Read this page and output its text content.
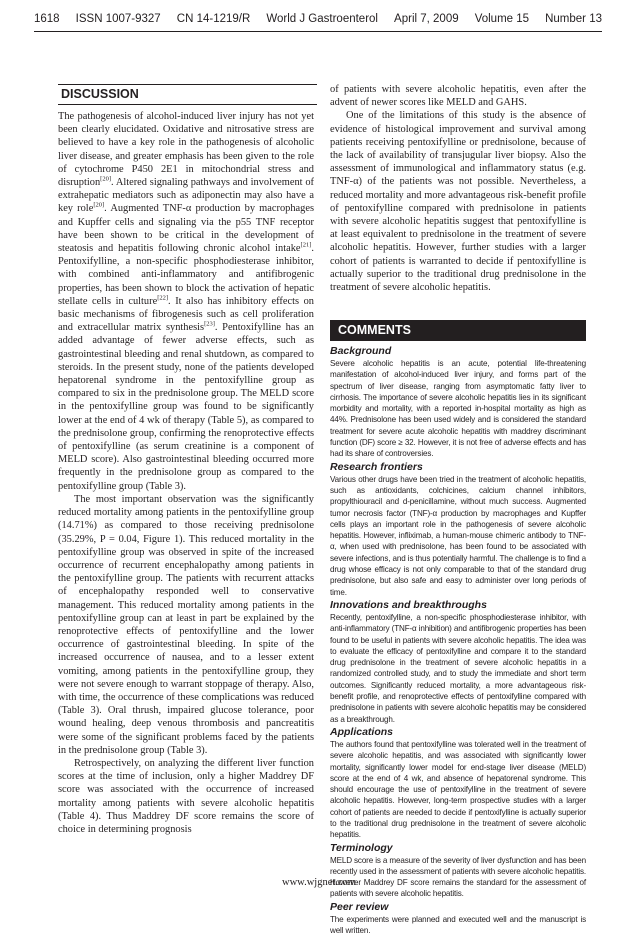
1618 ISSN 1007-9327 CN 14-1219/R World J Gastroenterol April 7, 2009 Volume 15 Number 13
DISCUSSION

The pathogenesis of alcohol-induced liver injury has not yet been clearly elucidated. Oxidative and nitrosative stress are believed to have a key role in the pathogenesis of alcoholic liver disease, and greater emphasis has been given to the role of cytochrome P450 2E1 in mitochondrial stress and disruption[20]. Altered signaling pathways and involvement of extrahepatic mediators such as adiponectin may also have a key role[20]. Augmented TNF-α production by macrophages and Kupffer cells and signaling via the p55 TNF receptor have been shown to be critical in the development of steatosis and hepatitis following chronic alcohol intake[21]. Pentoxifylline, a non-specific phosphodiesterase inhibitor, with combined anti-inflammatory and antifibrogenic properties, has been shown to block the activation of hepatic stellate cells in culture[22]. It also has inhibitory effects on basic mechanisms of fibrogenesis such as cell proliferation and extracellular matrix synthesis[23]. Pentoxifylline has an added advantage of fewer adverse effects, such as gastrointestinal bleeding and renal shutdown, as compared to steroids. In the present study, none of the patients developed hepatorenal syndrome in the pentoxifylline group as compared to six in the prednisolone group. The MELD score in the pentoxifylline group was found to be significantly lower at the end of 4 wk of therapy (Table 5), as compared to the prednisolone group, confirming the renoprotective effects of pentoxifylline (as serum creatinine is a component of MELD score). Also gastrointestinal bleeding occurred more frequently in the prednisolone group as compared to the pentoxifylline group (Table 3).

The most important observation was the significantly reduced mortality among patients in the pentoxifylline group (14.71%) as compared to those receiving prednisolone (35.29%, P = 0.04, Figure 1). This reduced mortality in the pentoxifylline group was observed in spite of the increased occurrence of recurrent encephalopathy among patients in the pentoxifylline group. The patients with recurrent attacks of encephalopathy responded well to conservative management. This reduced mortality among patients in the pentoxifylline group can at least in part be explained by the renoprotective effects of pentoxifylline and the lower occurrence of gastrointestinal bleeding. In spite of the increased occurrence of nausea, and to a lesser extent vomiting, among patients in the pentoxifylline group, they were not severe enough to warrant stoppage of therapy. Also, with time, the occurrence of these complications was reduced (Table 3). Oral thrush, impaired glucose tolerance, poor wound healing, deep venous thrombosis and pancreatitis were some of the significant problems faced by the patients in the prednisolone group (Table 3).

Retrospectively, on analyzing the different liver function scores at the time of inclusion, only a higher Maddrey DF score was associated with the occurrence of increased mortality among patients with severe alcoholic hepatitis (Table 4). Thus Maddrey DF score remains the score of choice in determining prognosis

of patients with severe alcoholic hepatitis, even after the advent of newer scores like MELD and GAHS.

One of the limitations of this study is the absence of evidence of histological improvement and survival among patients receiving pentoxifylline or prednisolone, because of the lack of availability of transjugular liver biopsy. Also the assessment of immunological and inflammatory status (e.g. TNF-α) of the patients was not possible. Nevertheless, a reduced mortality and more advantageous risk-benefit profile of pentoxifylline compared with prednisolone in patients with severe alcoholic hepatitis suggest that pentoxifylline is at least equivalent to prednisolone in the treatment of severe alcoholic hepatitis. However, further studies with a larger cohort of patients is warranted to decide if pentoxifylline is actually superior to the traditional drug prednisolone in the treatment of severe alcoholic hepatitis.

COMMENTS

Background

Severe alcoholic hepatitis is an acute, potential life-threatening manifestation of alcohol-induced liver injury, and forms part of the spectrum of liver disease, ranging from asymptomatic fatty liver to cirrhosis. The importance of severe alcoholic hepatitis lies in its significant morbidity and mortality, with a reported in-hospital mortality as high as 44%. Prednisolone has been used widely and is considered the standard treatment for severe acute alcoholic hepatitis with maddrey discriminant function (DF) score ≥ 32. However, it is not free of adverse effects and has had its share of controversies.

Research frontiers

Various other drugs have been tried in the treatment of alcoholic hepatitis, such as antioxidants, colchicines, calcium channel inhibitors, propylthiouracil and d-penicillamine, without much success. Augmented tumor necrosis factor (TNF)-α production by macrophages and Kupffer cells plays an important role in the pathogenesis of severe alcoholic hepatitis. However, infliximab, a human-mouse chimeric antibody to TNF-α, when used with prednisolone, has been found to be associated with severe infections, and is thus potentially harmful. The challenge is to find a drug whose efficacy is not only comparable to that of the standard drug prednisolone, but also safe and easy to administer over long periods of time.

Innovations and breakthroughs

Recently, pentoxifylline, a non-specific phosphodiesterase inhibitor, with anti-inflammatory (TNF-α inhibition) and antifibrogenic properties has been found to be useful in patients with severe alcoholic hepatitis. The idea was to evaluate the efficacy of pentoxifylline and compare it to the standard drug prednisolone in the treatment of severe alcoholic hepatitis in a randomized controlled study, and to study the immediate and short term outcomes. Significantly reduced mortality, a more advantageous risk-benefit profile, and renoprotective effects of pentoxifylline compared with prednisolone in patients with severe alcoholic hepatitis may be considered as a breakthrough.

Applications

The authors found that pentoxifylline was tolerated well in the treatment of severe alcoholic hepatitis, and was associated with significantly lower mortality, significantly lower model for end-stage liver disease (MELD) score at the end of 4 wk, and absence of hepatorenal syndrome. This should encourage the use of pentoxifylline in the treatment of severe alcoholic hepatitis. However, long-term prospective studies with a larger cohort of patients are needed to decide if pentoxifylline is actually superior to the traditional drug prednisolone in the treatment of severe alcoholic hepatitis.

Terminology

MELD score is a measure of the severity of liver dysfunction and has been recently used in the assessment of patients with severe alcoholic hepatitis. However Maddrey DF score remains the standard for the assessment of patients with severe alcoholic hepatitis.

Peer review

The experiments were planned and executed well and the manuscript is well written.

www.wjgnet.com
